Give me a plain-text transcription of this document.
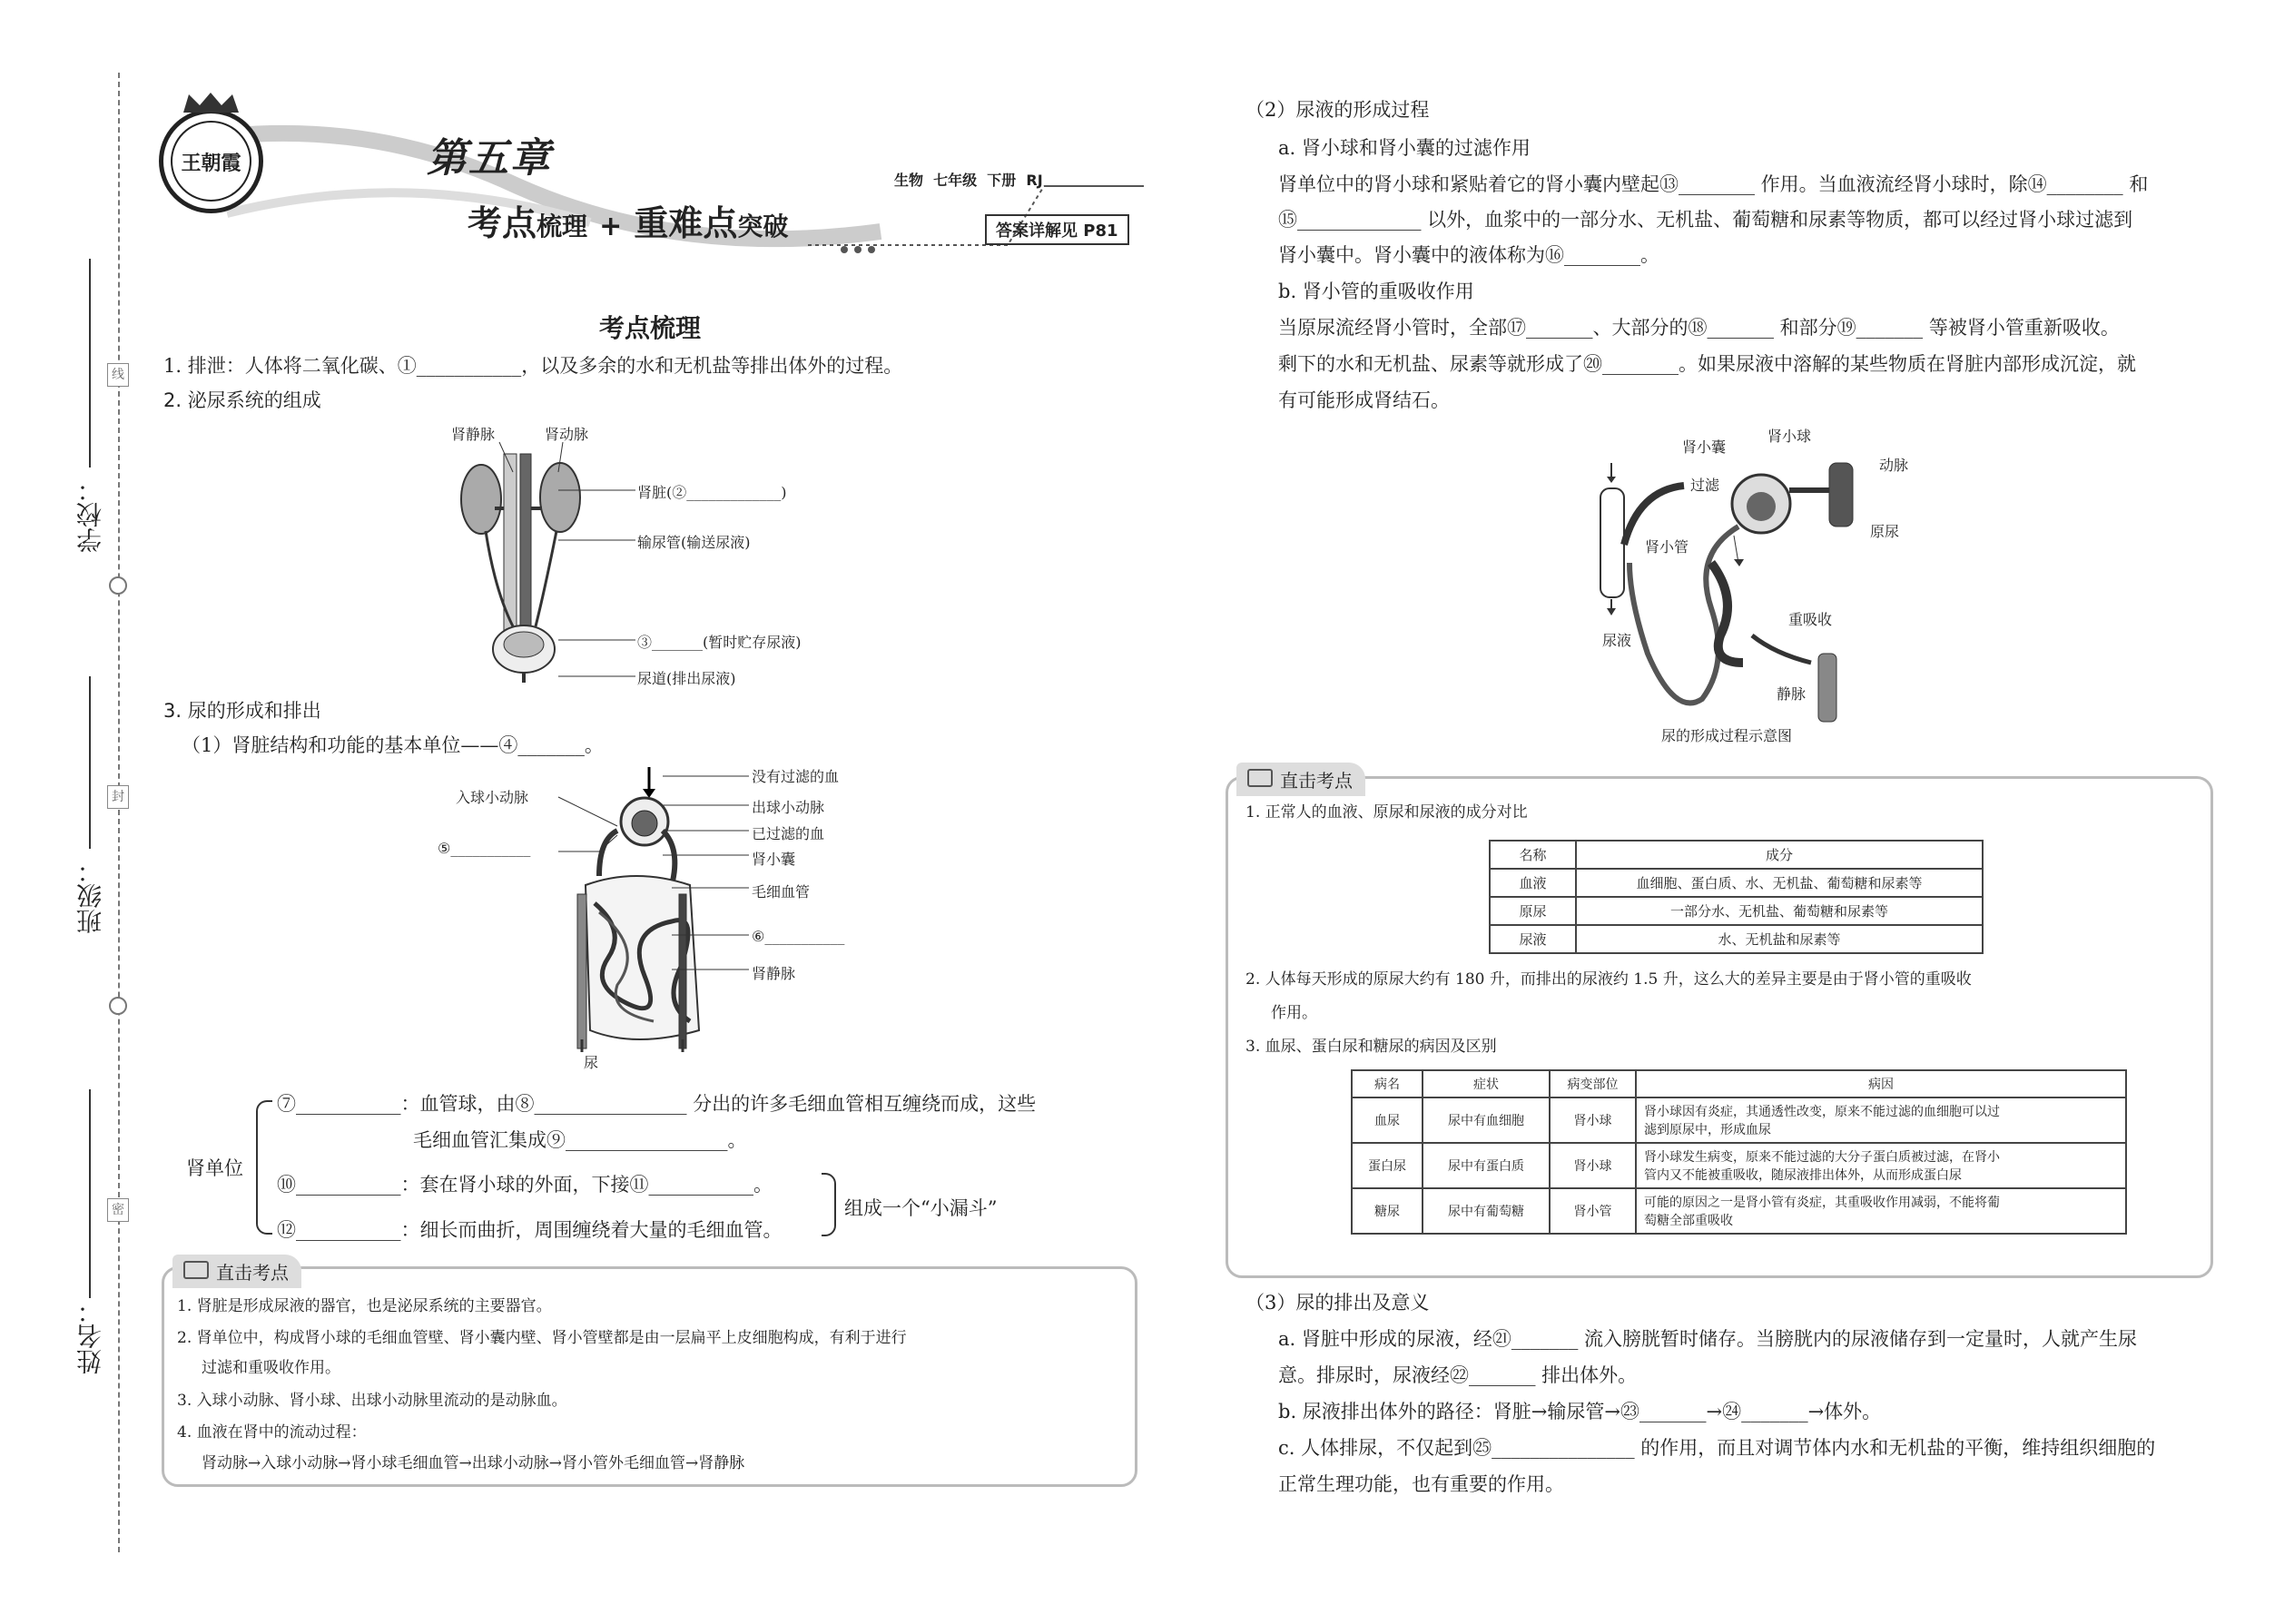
学校：
班级：
姓名：
线
封
密
王朝霞	第五章
考点梳理 + 重难点突破
生物  七年级  下册  RJ
答案详解见 P81
考点梳理
1. 排泄：人体将二氧化碳、①___________，以及多余的水和无机盐等排出体外的过程。
2. 泌尿系统的组成
肾静脉	肾动脉
肾脏(②_____________)
输尿管(输送尿液)
③_______(暂时贮存尿液)
尿道(排出尿液)
3. 尿的形成和排出
（1）肾脏结构和功能的基本单位——④_______。
入球小动脉
⑤___________
没有过滤的血
出球小动脉
已过滤的血
肾小囊
毛细血管
⑥___________
肾静脉
尿
肾单位
⑦___________：血管球，由⑧________________ 分出的许多毛细血管相互缠绕而成，这些
毛细血管汇集成⑨_________________。
⑩___________：套在肾小球的外面，下接⑪___________。
⑫___________：细长而曲折，周围缠绕着大量的毛细血管。
组成一个“小漏斗”
直击考点
1. 肾脏是形成尿液的器官，也是泌尿系统的主要器官。
2. 肾单位中，构成肾小球的毛细血管壁、肾小囊内壁、肾小管壁都是由一层扁平上皮细胞构成，有利于进行
过滤和重吸收作用。
3. 入球小动脉、肾小球、出球小动脉里流动的是动脉血。
4. 血液在肾中的流动过程：
肾动脉→入球小动脉→肾小球毛细血管→出球小动脉→肾小管外毛细血管→肾静脉
（2）尿液的形成过程
a. 肾小球和肾小囊的过滤作用
肾单位中的肾小球和紧贴着它的肾小囊内壁起⑬________ 作用。当血液流经肾小球时，除⑭________ 和
⑮_____________ 以外，血浆中的一部分水、无机盐、葡萄糖和尿素等物质，都可以经过肾小球过滤到
肾小囊中。肾小囊中的液体称为⑯________。
b. 肾小管的重吸收作用
当原尿流经肾小管时，全部⑰_______、大部分的⑱_______ 和部分⑲_______ 等被肾小管重新吸收。
剩下的水和无机盐、尿素等就形成了⑳________。如果尿液中溶解的某些物质在肾脏内部形成沉淀，就
有可能形成肾结石。
肾小囊
肾小球
过滤
动脉
肾小管
原尿
重吸收
尿液
静脉
尿的形成过程示意图
直击考点
1. 正常人的血液、原尿和尿液的成分对比
名称	成分
血液	血细胞、蛋白质、水、无机盐、葡萄糖和尿素等
原尿	一部分水、无机盐、葡萄糖和尿素等
尿液	水、无机盐和尿素等
2. 人体每天形成的原尿大约有 180 升，而排出的尿液约 1.5 升，这么大的差异主要是由于肾小管的重吸收
作用。
3. 血尿、蛋白尿和糖尿的病因及区别
病名	症状	病变部位	病因
血尿	尿中有血细胞	肾小球	肾小球因有炎症，其通透性改变，原来不能过滤的血细胞可以过
滤到原尿中，形成血尿

蛋白尿	尿中有蛋白质	肾小球	肾小球发生病变，原来不能过滤的大分子蛋白质被过滤，在肾小
管内又不能被重吸收，随尿液排出体外，从而形成蛋白尿

糖尿	尿中有葡萄糖	肾小管	可能的原因之一是肾小管有炎症，其重吸收作用减弱，不能将葡
萄糖全部重吸收
（3）尿的排出及意义
a. 肾脏中形成的尿液，经㉑_______ 流入膀胱暂时储存。当膀胱内的尿液储存到一定量时，人就产生尿
意。排尿时，尿液经㉒_______ 排出体外。
b. 尿液排出体外的路径：肾脏→输尿管→㉓_______→㉔_______→体外。
c. 人体排尿，不仅起到㉕_______________ 的作用，而且对调节体内水和无机盐的平衡，维持组织细胞的
正常生理功能，也有重要的作用。
